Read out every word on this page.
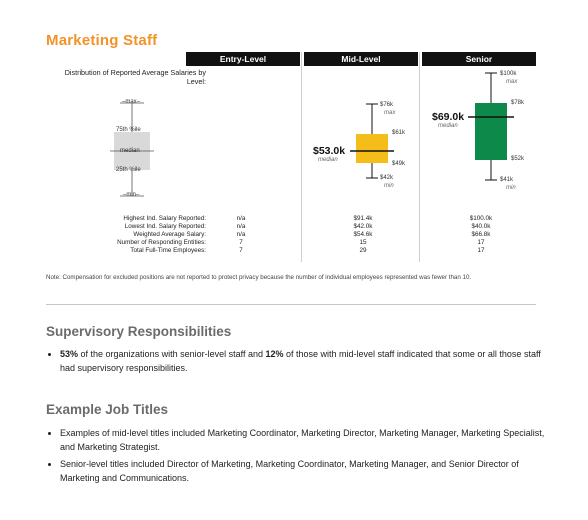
Marketing Staff
Entry-Level	Mid-Level	Senior
Distribution of Reported Average Salaries by Level:
–max–
75th %ile
median
25th %ile
–min–
$76k
max
$61k
$53.0k
median
$49k
$42k
min
$100k
max
$78k
$69.0k
median
$52k
$41k
min
Highest Ind. Salary Reported:
Lowest Ind. Salary Reported:
Weighted Average Salary:
Number of Responding Entities:
Total Full-Time Employees:
n/a
n/a
n/a
7
7
$91.4k
$42.0k
$54.6k
15
29
$100.0k
$40.0k
$66.8k
17
17
Note: Compensation for excluded positions are not reported to protect privacy because the number of individual employees represented was fewer than 10.
Supervisory Responsibilities
• 53% of the organizations with senior-level staff and 12% of those with mid-level staff indicated that some or all those staff had supervisory responsibilities.
Example Job Titles
• Examples of mid-level titles included Marketing Coordinator, Marketing Director, Marketing Manager, Marketing Specialist, and Marketing Strategist.
• Senior-level titles included Director of Marketing, Marketing Coordinator, Marketing Manager, and Senior Director of Marketing and Communications.
